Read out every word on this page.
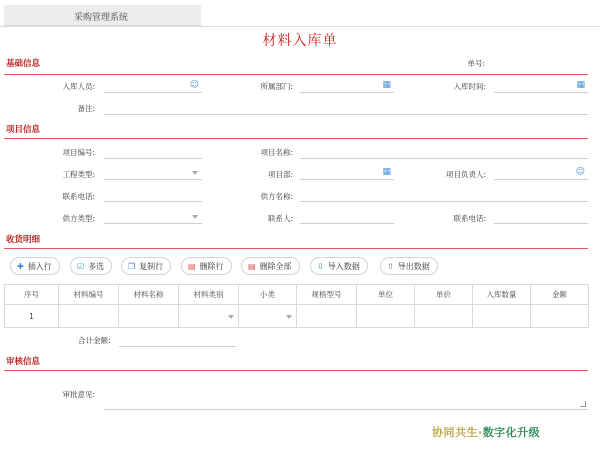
采购管理系统
材料入库单
基础信息	单号:
入库人员:	☺	所属部门:	▦	入库时间:	▦
备注:
项目信息
项目编号:	项目名称:
工程类型:	项目部:	▦	项目负责人:	☺
联系电话:	供方名称:
供方类型:	联系人:	联系电话:
收货明细
✚ 插入行	☑ 多选	❐ 复制行	▤ 删除行	▤ 删除全部	⇩ 导入数据	⇧ 导出数据
序号	材料编号	材料名称	材料类别	小类	规格型号	单位	单价	入库数量	金额
1			

合计金额:
审核信息
审批意见:
协同共生·数字化升级
